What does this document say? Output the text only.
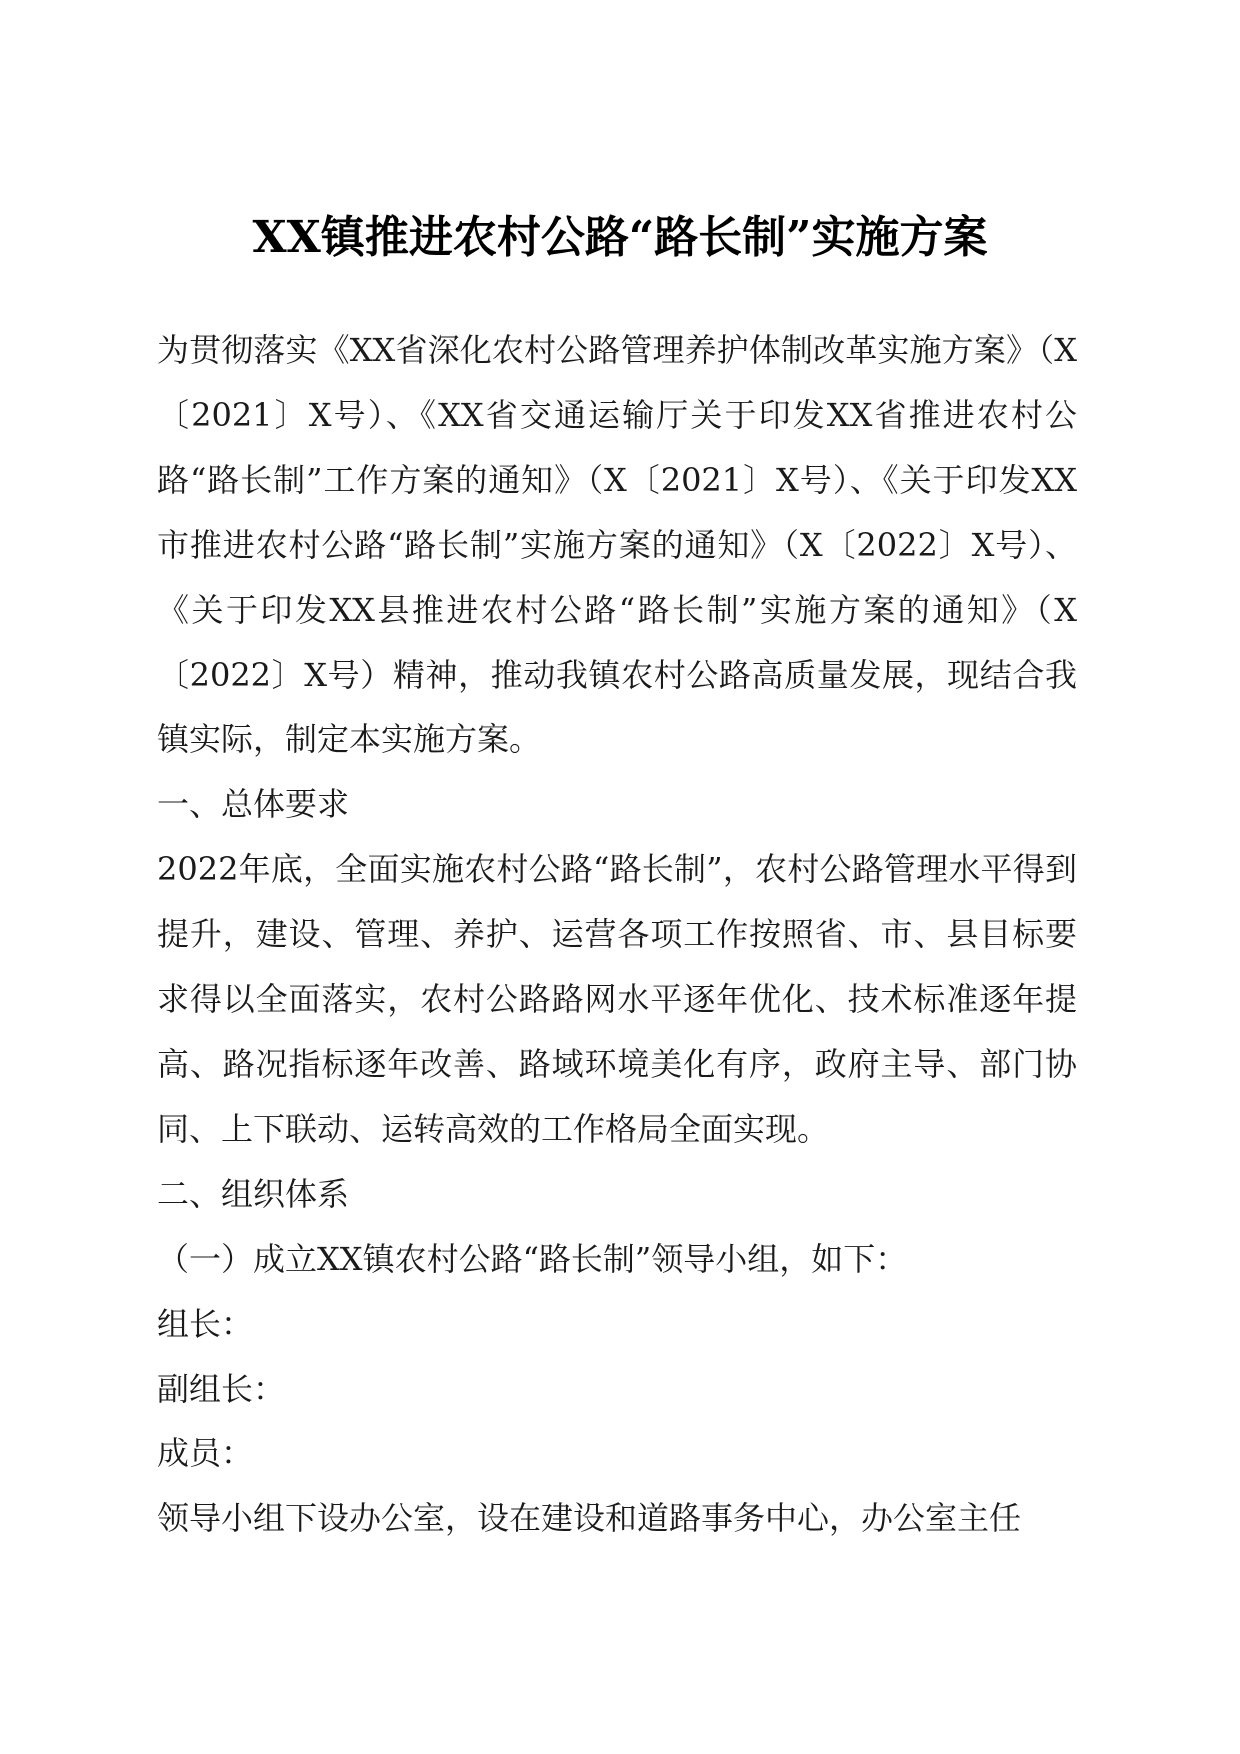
XX镇推进农村公路“路长制”实施方案

为贯彻落实《XX省深化农村公路管理养护体制改革实施方案》（X〔2021〕X号）、《XX省交通运输厅关于印发XX省推进农村公路“路长制”工作方案的通知》（X〔2021〕X号）、《关于印发XX市推进农村公路“路长制”实施方案的通知》（X〔2022〕X号）、《关于印发XX县推进农村公路“路长制”实施方案的通知》（X〔2022〕X号）精神，推动我镇农村公路高质量发展，现结合我镇实际，制定本实施方案。

一、总体要求

2022年底，全面实施农村公路“路长制”，农村公路管理水平得到提升，建设、管理、养护、运营各项工作按照省、市、县目标要求得以全面落实，农村公路路网水平逐年优化、技术标准逐年提高、路况指标逐年改善、路域环境美化有序，政府主导、部门协同、上下联动、运转高效的工作格局全面实现。

二、组织体系

（一）成立XX镇农村公路“路长制”领导小组，如下：

组长：

副组长：

成员：

领导小组下设办公室，设在建设和道路事务中心，办公室主任
